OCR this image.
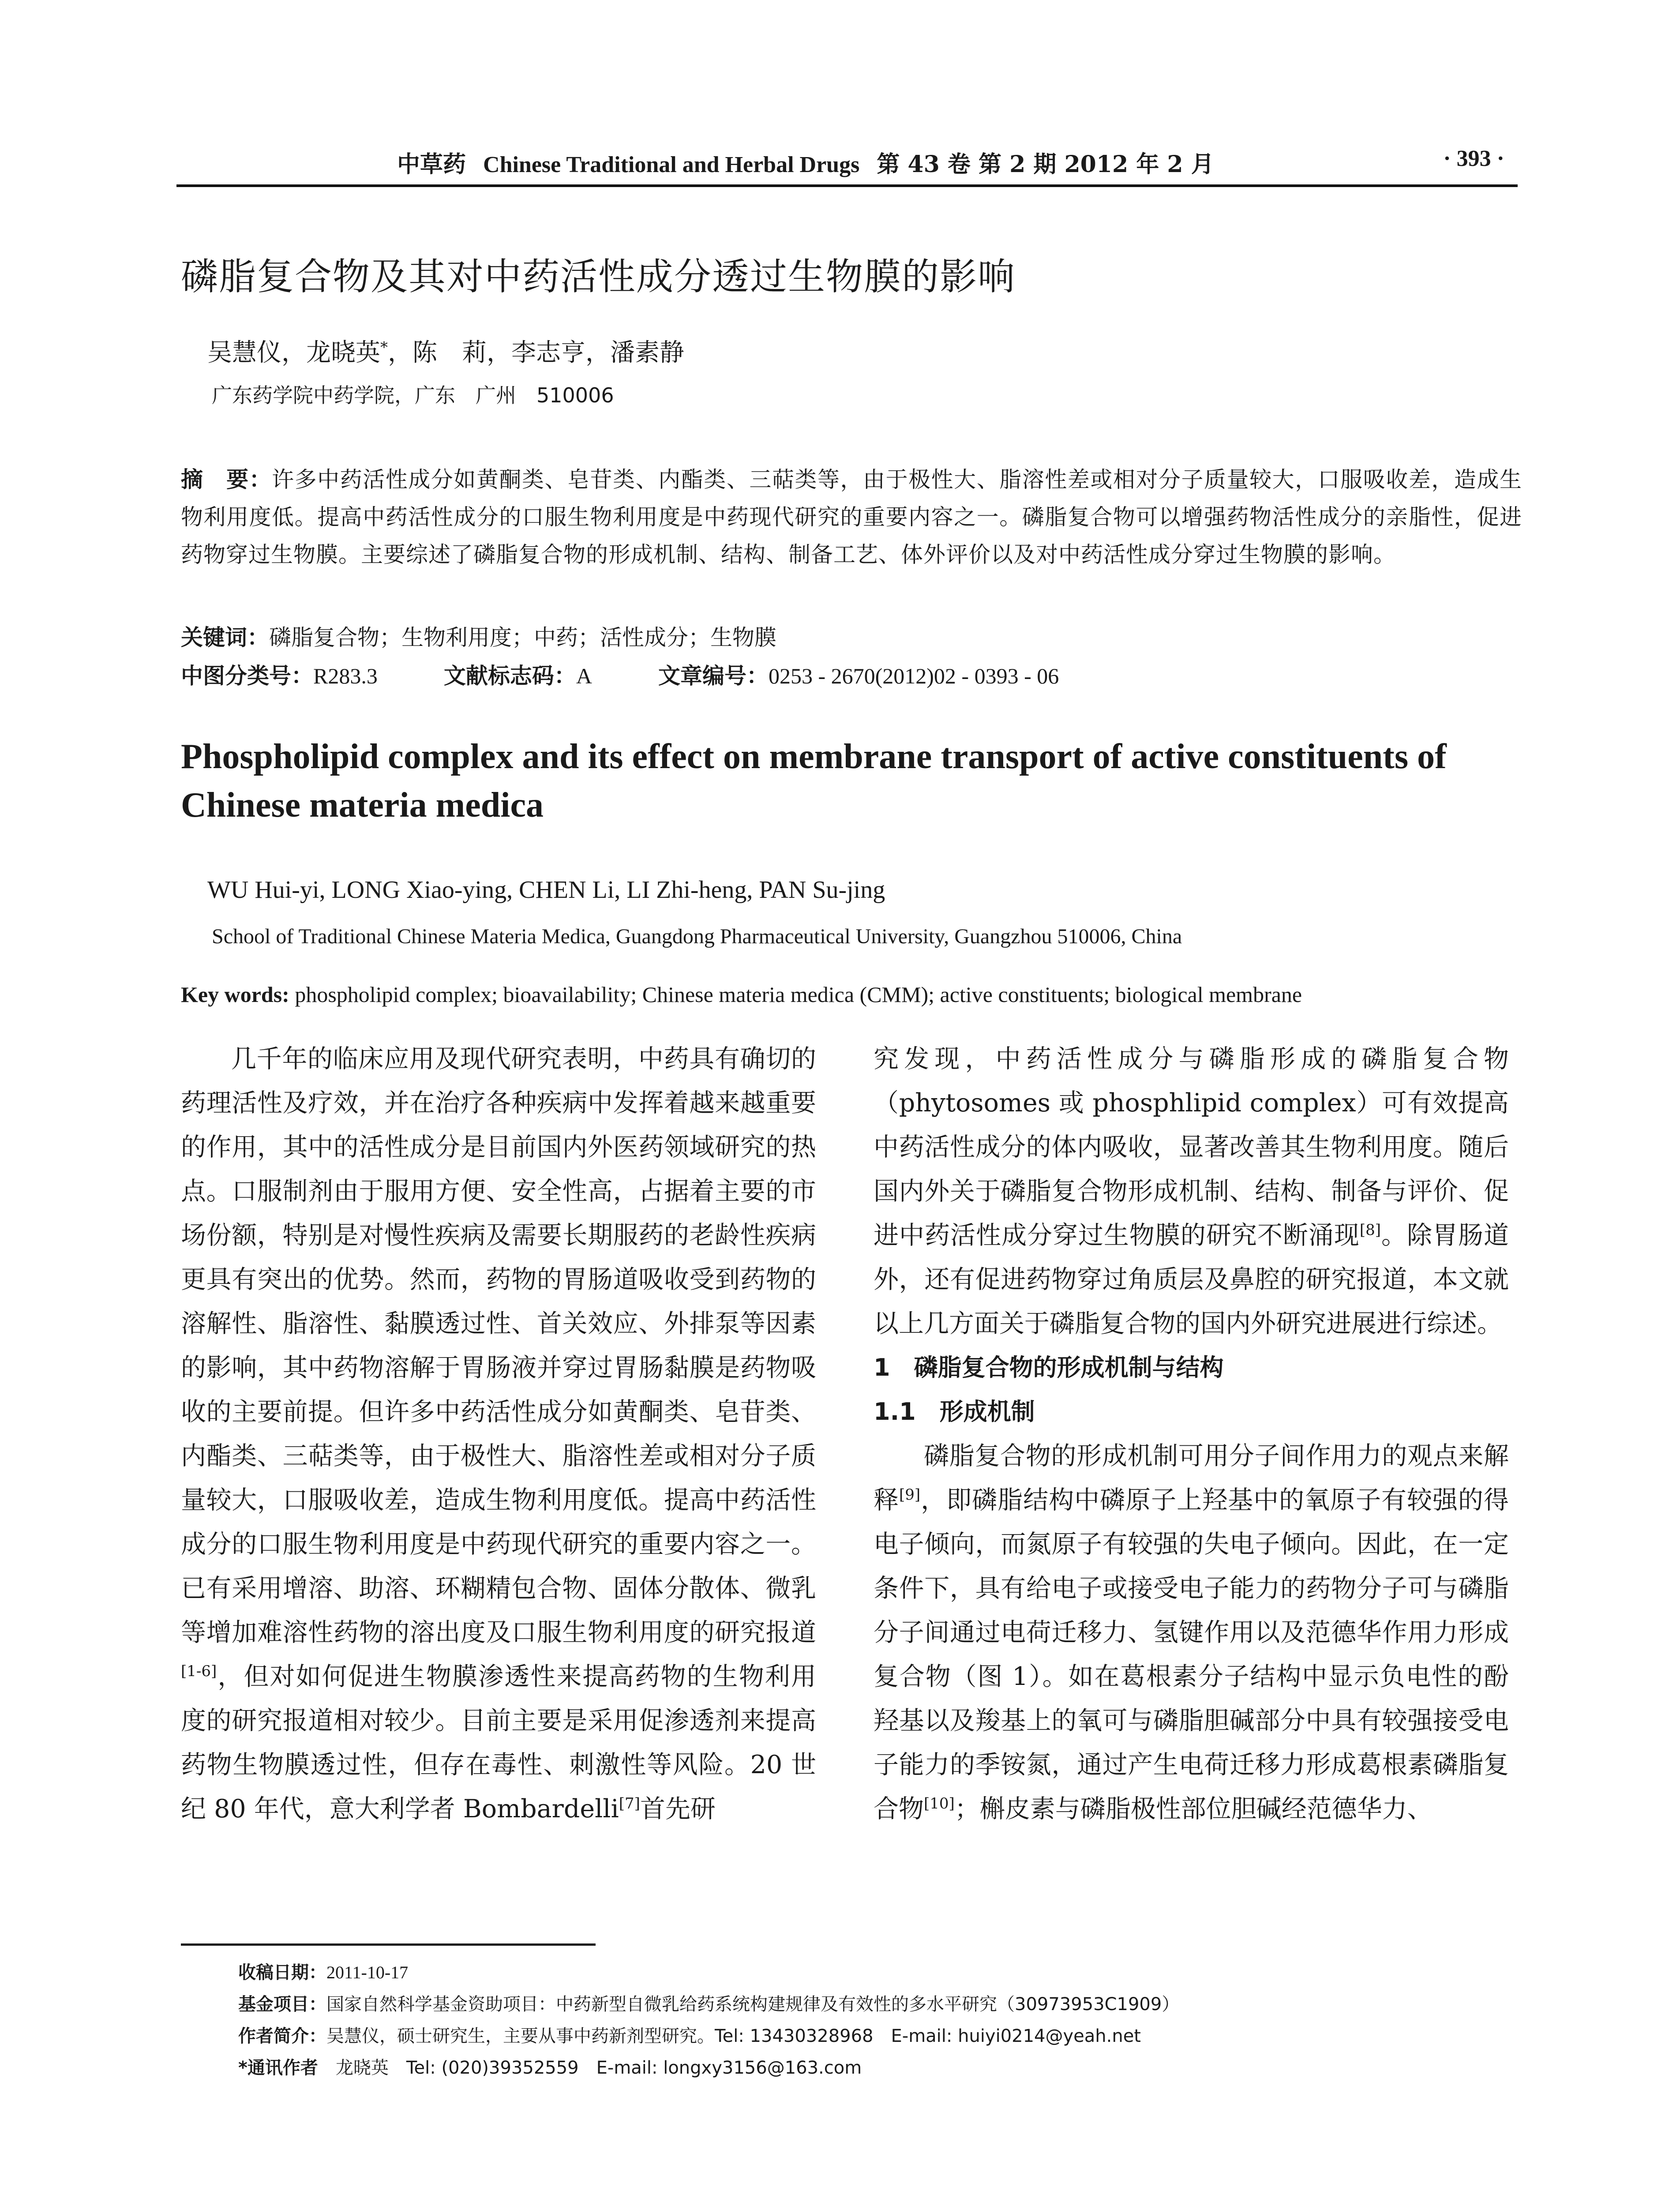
中草药 Chinese Traditional and Herbal Drugs 第 43 卷 第 2 期 2012 年 2 月	· 393 ·
磷脂复合物及其对中药活性成分透过生物膜的影响
吴慧仪，龙晓英*，陈　莉，李志亨，潘素静
广东药学院中药学院，广东　广州　510006
摘　要：许多中药活性成分如黄酮类、皂苷类、内酯类、三萜类等，由于极性大、脂溶性差或相对分子质量较大，口服吸收差，造成生物利用度低。提高中药活性成分的口服生物利用度是中药现代研究的重要内容之一。磷脂复合物可以增强药物活性成分的亲脂性，促进药物穿过生物膜。主要综述了磷脂复合物的形成机制、结构、制备工艺、体外评价以及对中药活性成分穿过生物膜的影响。
关键词：磷脂复合物；生物利用度；中药；活性成分；生物膜
中图分类号：R283.3	文献标志码：A	文章编号：0253 - 2670(2012)02 - 0393 - 06
Phospholipid complex and its effect on membrane transport of active constituents of Chinese materia medica
WU Hui-yi, LONG Xiao-ying, CHEN Li, LI Zhi-heng, PAN Su-jing
School of Traditional Chinese Materia Medica, Guangdong Pharmaceutical University, Guangzhou 510006, China
Key words: phospholipid complex; bioavailability; Chinese materia medica (CMM); active constituents; biological membrane

几千年的临床应用及现代研究表明，中药具有确切的药理活性及疗效，并在治疗各种疾病中发挥着越来越重要的作用，其中的活性成分是目前国内外医药领域研究的热点。口服制剂由于服用方便、安全性高，占据着主要的市场份额，特别是对慢性疾病及需要长期服药的老龄性疾病更具有突出的优势。然而，药物的胃肠道吸收受到药物的溶解性、脂溶性、黏膜透过性、首关效应、外排泵等因素的影响，其中药物溶解于胃肠液并穿过胃肠黏膜是药物吸收的主要前提。但许多中药活性成分如黄酮类、皂苷类、内酯类、三萜类等，由于极性大、脂溶性差或相对分子质量较大，口服吸收差，造成生物利用度低。提高中药活性成分的口服生物利用度是中药现代研究的重要内容之一。已有采用增溶、助溶、环糊精包合物、固体分散体、微乳等增加难溶性药物的溶出度及口服生物利用度的研究报道[1-6]，但对如何促进生物膜渗透性来提高药物的生物利用度的研究报道相对较少。目前主要是采用促渗透剂来提高药物生物膜透过性，但存在毒性、刺激性等风险。20 世纪 80 年代，意大利学者 Bombardelli[7]首先研

究发现，中药活性成分与磷脂形成的磷脂复合物（phytosomes 或 phosphlipid complex）可有效提高中药活性成分的体内吸收，显著改善其生物利用度。随后国内外关于磷脂复合物形成机制、结构、制备与评价、促进中药活性成分穿过生物膜的研究不断涌现[8]。除胃肠道外，还有促进药物穿过角质层及鼻腔的研究报道，本文就以上几方面关于磷脂复合物的国内外研究进展进行综述。

1　磷脂复合物的形成机制与结构

1.1　形成机制

磷脂复合物的形成机制可用分子间作用力的观点来解释[9]，即磷脂结构中磷原子上羟基中的氧原子有较强的得电子倾向，而氮原子有较强的失电子倾向。因此，在一定条件下，具有给电子或接受电子能力的药物分子可与磷脂分子间通过电荷迁移力、氢键作用以及范德华作用力形成复合物（图 1）。如在葛根素分子结构中显示负电性的酚羟基以及羧基上的氧可与磷脂胆碱部分中具有较强接受电子能力的季铵氮，通过产生电荷迁移力形成葛根素磷脂复合物[10]；槲皮素与磷脂极性部位胆碱经范德华力、

收稿日期：2011-10-17
基金项目：国家自然科学基金资助项目：中药新型自微乳给药系统构建规律及有效性的多水平研究（30973953C1909）
作者简介：吴慧仪，硕士研究生，主要从事中药新剂型研究。Tel: 13430328968　E-mail: huiyi0214@yeah.net
*通讯作者　龙晓英　Tel: (020)39352559　E-mail: longxy3156@163.com
